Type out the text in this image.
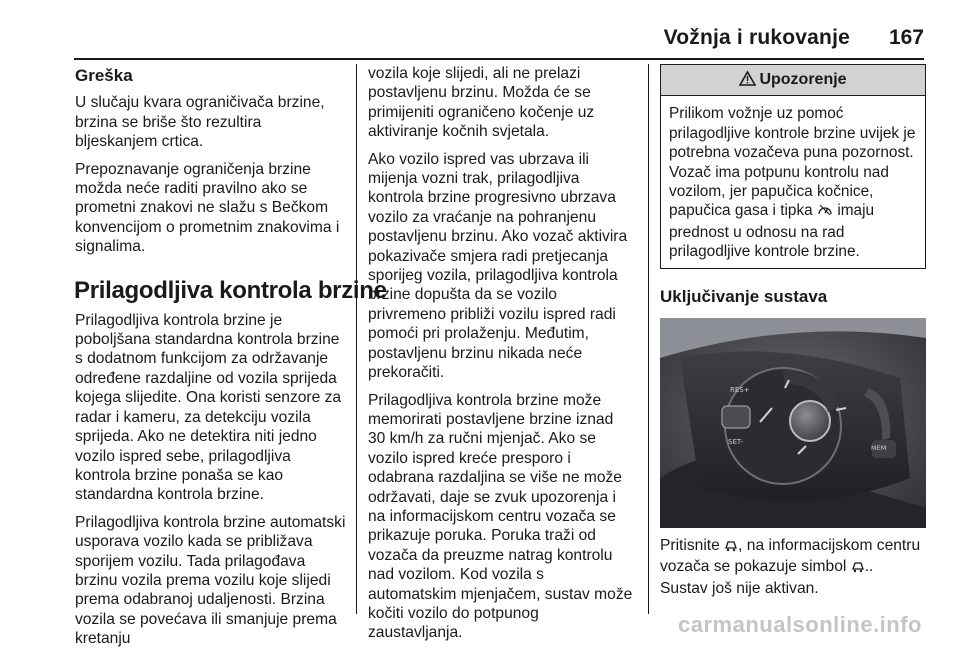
Vožnja i rukovanje 167
Greška

U slučaju kvara ograničivača brzine, brzina se briše što rezultira bljeskanjem crtica.

Prepoznavanje ograničenja brzine možda neće raditi pravilno ako se prometni znakovi ne slažu s Bečkom konvencijom o prometnim znakovima i signalima.

Prilagodljiva kontrola brzine

Prilagodljiva kontrola brzine je poboljšana standardna kontrola brzine s dodatnom funkcijom za održavanje određene razdaljine od vozila sprijeda kojega slijedite. Ona koristi senzore za radar i kameru, za detekciju vozila sprijeda. Ako ne detektira niti jedno vozilo ispred sebe, prilagodljiva kontrola brzine ponaša se kao standardna kontrola brzine.

Prilagodljiva kontrola brzine automatski usporava vozilo kada se približava sporijem vozilu. Tada prilagođava brzinu vozila prema vozilu koje slijedi prema odabranoj udaljenosti. Brzina vozila se povećava ili smanjuje prema kretanju

vozila koje slijedi, ali ne prelazi postavljenu brzinu. Možda će se primijeniti ograničeno kočenje uz aktiviranje kočnih svjetala.

Ako vozilo ispred vas ubrzava ili mijenja vozni trak, prilagodljiva kontrola brzine progresivno ubrzava vozilo za vraćanje na pohranjenu postavljenu brzinu. Ako vozač aktivira pokazivače smjera radi pretjecanja sporijeg vozila, prilagodljiva kontrola brzine dopušta da se vozilo privremeno približi vozilu ispred radi pomoći pri prolaženju. Međutim, postavljenu brzinu nikada neće prekoračiti.

Prilagodljiva kontrola brzine može memorirati postavljene brzine iznad 30 km/h za ručni mjenjač. Ako se vozilo ispred kreće presporo i odabrana razdaljina se više ne može održavati, daje se zvuk upozorenja i na informacijskom centru vozača se prikazuje poruka. Poruka traži od vozača da preuzme natrag kontrolu nad vozilom. Kod vozila s automatskim mjenjačem, sustav može kočiti vozilo do potpunog zaustavljanja.

Upozorenje
Prilikom vožnje uz pomoć prilagodljive kontrole brzine uvijek je potrebna vozačeva puna pozornost. Vozač ima potpunu kontrolu nad vozilom, jer papučica kočnice, papučica gasa i tipka imaju prednost u odnosu na rad prilagodljive kontrole brzine.
Uključivanje sustava
RES+
SET-
MEM

Pritisnite , na informacijskom centru vozača se pokazuje simbol ..
Sustav još nije aktivan.

carmanualsonline.info
